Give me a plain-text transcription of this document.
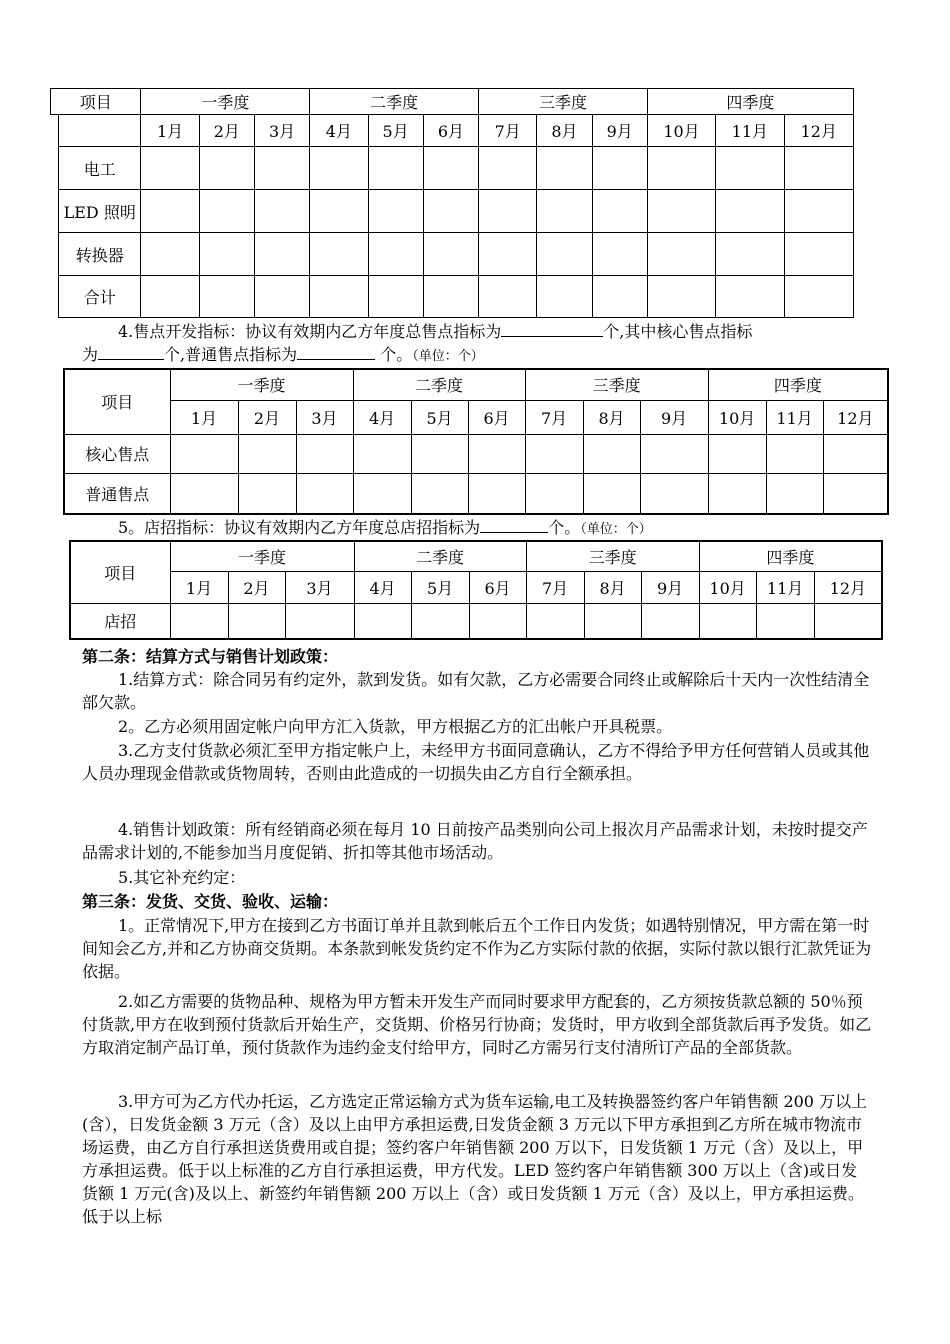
项目		一季度			二季度			三季度			四季度		
		1月	2月	3月	4月	5月	6月	7月	8月	9月	10月	11月	12月
	电工												
	LED 照明												
	转换器												
	合计												

4.售点开发指标：协议有效期内乙方年度总售点指标为	个,其中核心售点指标
为	个,普通售点指标为	个。（单位：个）

项目	一季度			二季度			三季度			四季度		
	1月	2月	3月	4月	5月	6月	7月	8月	9月	10月	11月	12月
核心售点												
普通售点												

5。店招指标：协议有效期内乙方年度总店招指标为	个。（单位：个）

项目	一季度			二季度			三季度			四季度		
	1月	2月	3月	4月	5月	6月	7月	8月	9月	10月	11月	12月
店招												

第二条：结算方式与销售计划政策：

1.结算方式：除合同另有约定外，款到发货。如有欠款，乙方必需要合同终止或解除后十天内一次性结清全部欠款。

2。乙方必须用固定帐户向甲方汇入货款，甲方根据乙方的汇出帐户开具税票。

3.乙方支付货款必须汇至甲方指定帐户上，未经甲方书面同意确认，乙方不得给予甲方任何营销人员或其他人员办理现金借款或货物周转，否则由此造成的一切损失由乙方自行全额承担。

4.销售计划政策：所有经销商必须在每月 10 日前按产品类别向公司上报次月产品需求计划，未按时提交产品需求计划的,不能参加当月度促销、折扣等其他市场活动。

5.其它补充约定：

第三条：发货、交货、验收、运输：

1。正常情况下,甲方在接到乙方书面订单并且款到帐后五个工作日内发货；如遇特别情况，甲方需在第一时间知会乙方,并和乙方协商交货期。本条款到帐发货约定不作为乙方实际付款的依据，实际付款以银行汇款凭证为依据。

2.如乙方需要的货物品种、规格为甲方暂未开发生产而同时要求甲方配套的，乙方须按货款总额的 50％预付货款,甲方在收到预付货款后开始生产，交货期、价格另行协商；发货时，甲方收到全部货款后再予发货。如乙方取消定制产品订单，预付货款作为违约金支付给甲方，同时乙方需另行支付清所订产品的全部货款。

3.甲方可为乙方代办托运，乙方选定正常运输方式为货车运输,电工及转换器签约客户年销售额 200 万以上(含），日发货金额 3 万元（含）及以上由甲方承担运费,日发货金额 3 万元以下甲方承担到乙方所在城市物流市场运费，由乙方自行承担送货费用或自提；签约客户年销售额 200 万以下，日发货额 1 万元（含）及以上，甲方承担运费。低于以上标准的乙方自行承担运费，甲方代发。LED 签约客户年销售额 300 万以上（含)或日发货额 1 万元(含)及以上、新签约年销售额 200 万以上（含）或日发货额 1 万元（含）及以上，甲方承担运费。低于以上标
